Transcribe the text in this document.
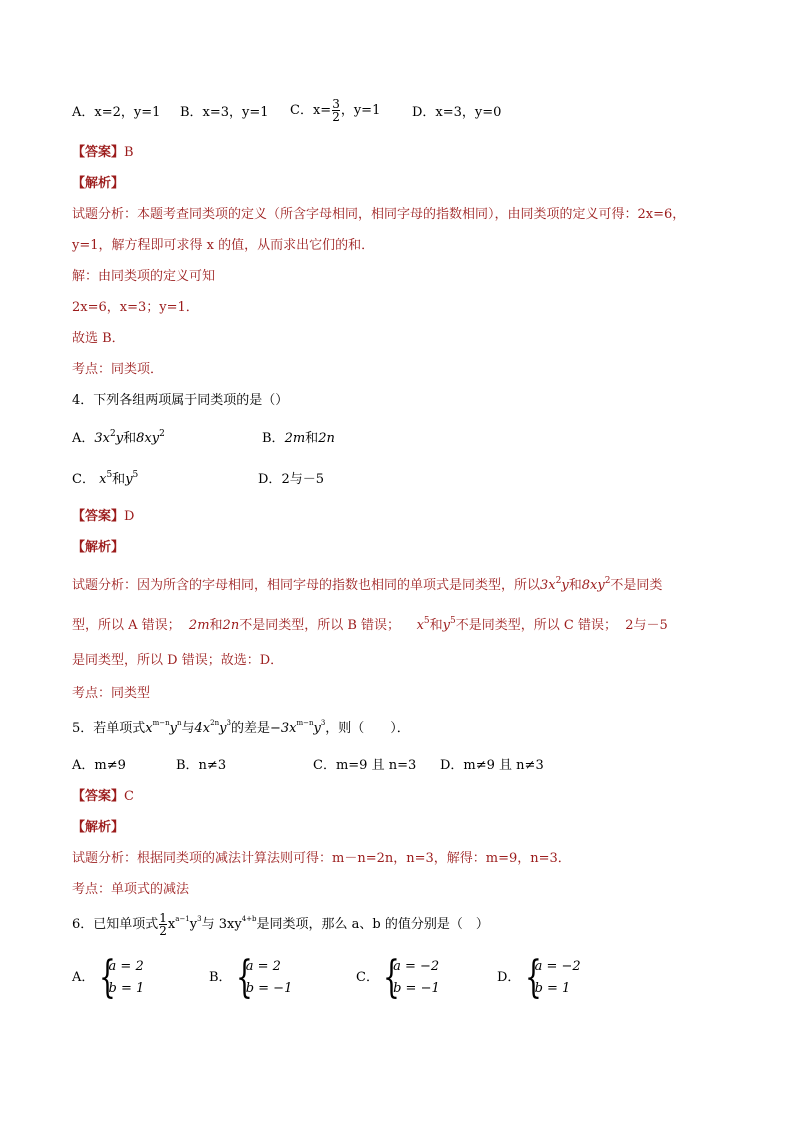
A．x=2，y=1 B．x=3，y=1 C．$x= \frac{3}{2}$ ，y=1 D．x=3，y=0
【答案】B
【解析】
试题分析：本题考查同类项的定义（所含字母相同，相同字母的指数相同），由同类项的定义可得：2x=6，
y=1，解方程即可求得 x 的值，从而求出它们的和．
解：由同类项的定义可知
2x=6，x=3；y=1．
故选 B．
考点：同类项．
4．下列各组两项属于同类项的是（）
A．$3x^2y$和$8xy^2$	B．2m和2n
C． $x^5$和$y^5$	D．2与－5
【答案】D
【解析】
试题分析：因为所含的字母相同，相同字母的指数也相同的单项式是同类型，所以$3x^2y$和$8xy^2$不是同类
型，所以 A 错误； 2m和2n不是同类型，所以 B 错误； $x^5$和$y^5$不是同类型，所以 C 错误； 2与－5
是同类型，所以 D 错误；故选：D．
考点：同类型
5．若单项式$x^{m-n}y^n$与$4x^{2n}y^3$的差是$-3x^{m-n}y^3$，则（　　）．
A．m≠9	B．n≠3	C．m=9 且 n=3 D．m≠9 且 n≠3
【答案】C
【解析】
试题分析：根据同类项的减法计算法则可得：m－n=2n，n=3，解得：m=9，n=3．
考点：单项式的减法
6．已知单项式 $\frac{1}{2} x^{a-1}y^3$与 $3xy^{4+b}$是同类项，那么 a、b 的值分别是（　）
A． {
a = 2
b = 1
B． {
a = 2
b = −1
C． {
a = −2
b = −1
D． {
a = −2
b = 1
